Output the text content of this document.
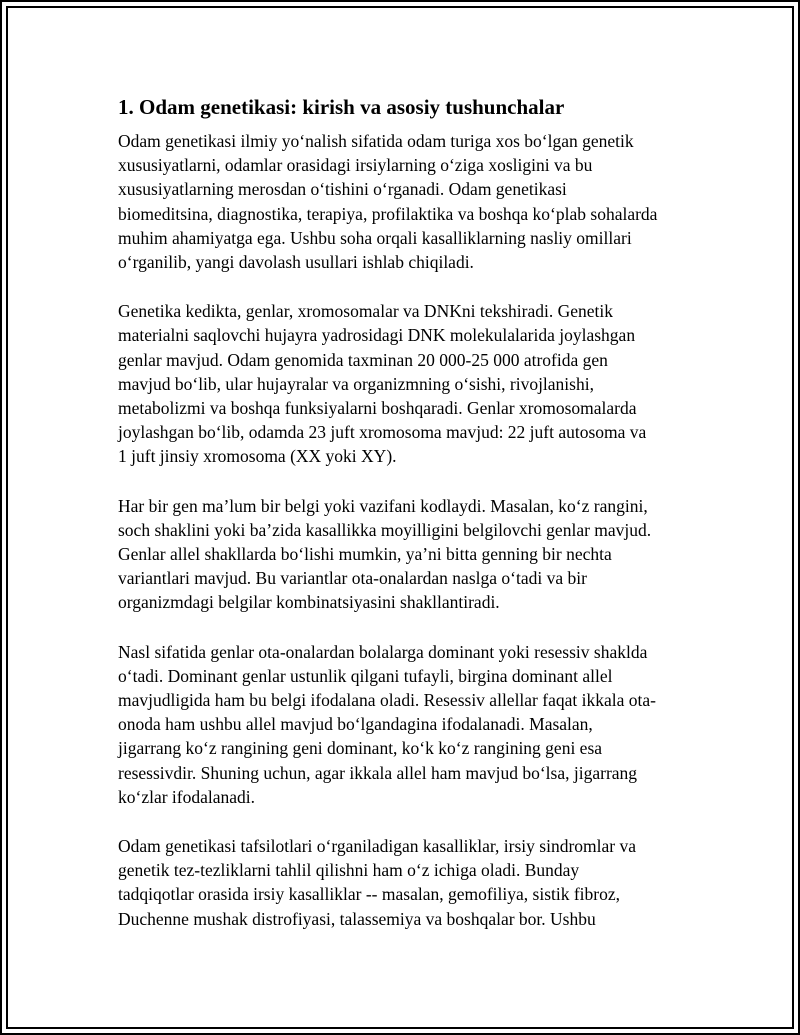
1. Odam genetikasi: kirish va asosiy tushunchalar

Odam genetikasi ilmiy yo‘nalish sifatida odam turiga xos bo‘lgan genetik
xususiyatlarni, odamlar orasidagi irsiylarning o‘ziga xosligini va bu
xususiyatlarning merosdan o‘tishini o‘rganadi. Odam genetikasi
biomeditsina, diagnostika, terapiya, profilaktika va boshqa ko‘plab sohalarda
muhim ahamiyatga ega. Ushbu soha orqali kasalliklarning nasliy omillari
o‘rganilib, yangi davolash usullari ishlab chiqiladi.

Genetika kedikta, genlar, xromosomalar va DNKni tekshiradi. Genetik
materialni saqlovchi hujayra yadrosidagi DNK molekulalarida joylashgan
genlar mavjud. Odam genomida taxminan 20 000-25 000 atrofida gen
mavjud bo‘lib, ular hujayralar va organizmning o‘sishi, rivojlanishi,
metabolizmi va boshqa funksiyalarni boshqaradi. Genlar xromosomalarda
joylashgan bo‘lib, odamda 23 juft xromosoma mavjud: 22 juft autosoma va
1 juft jinsiy xromosoma (XX yoki XY).

Har bir gen ma’lum bir belgi yoki vazifani kodlaydi. Masalan, ko‘z rangini,
soch shaklini yoki ba’zida kasallikka moyilligini belgilovchi genlar mavjud.
Genlar allel shakllarda bo‘lishi mumkin, ya’ni bitta genning bir nechta
variantlari mavjud. Bu variantlar ota-onalardan naslga o‘tadi va bir
organizmdagi belgilar kombinatsiyasini shakllantiradi.

Nasl sifatida genlar ota-onalardan bolalarga dominant yoki resessiv shaklda
o‘tadi. Dominant genlar ustunlik qilgani tufayli, birgina dominant allel
mavjudligida ham bu belgi ifodalana oladi. Resessiv allellar faqat ikkala ota-
onoda ham ushbu allel mavjud bo‘lgandagina ifodalanadi. Masalan,
jigarrang ko‘z rangining geni dominant, ko‘k ko‘z rangining geni esa
resessivdir. Shuning uchun, agar ikkala allel ham mavjud bo‘lsa, jigarrang
ko‘zlar ifodalanadi.

Odam genetikasi tafsilotlari o‘rganiladigan kasalliklar, irsiy sindromlar va
genetik tez-tezliklarni tahlil qilishni ham o‘z ichiga oladi. Bunday
tadqiqotlar orasida irsiy kasalliklar -- masalan, gemofiliya, sistik fibroz,
Duchenne mushak distrofiyasi, talassemiya va boshqalar bor. Ushbu
